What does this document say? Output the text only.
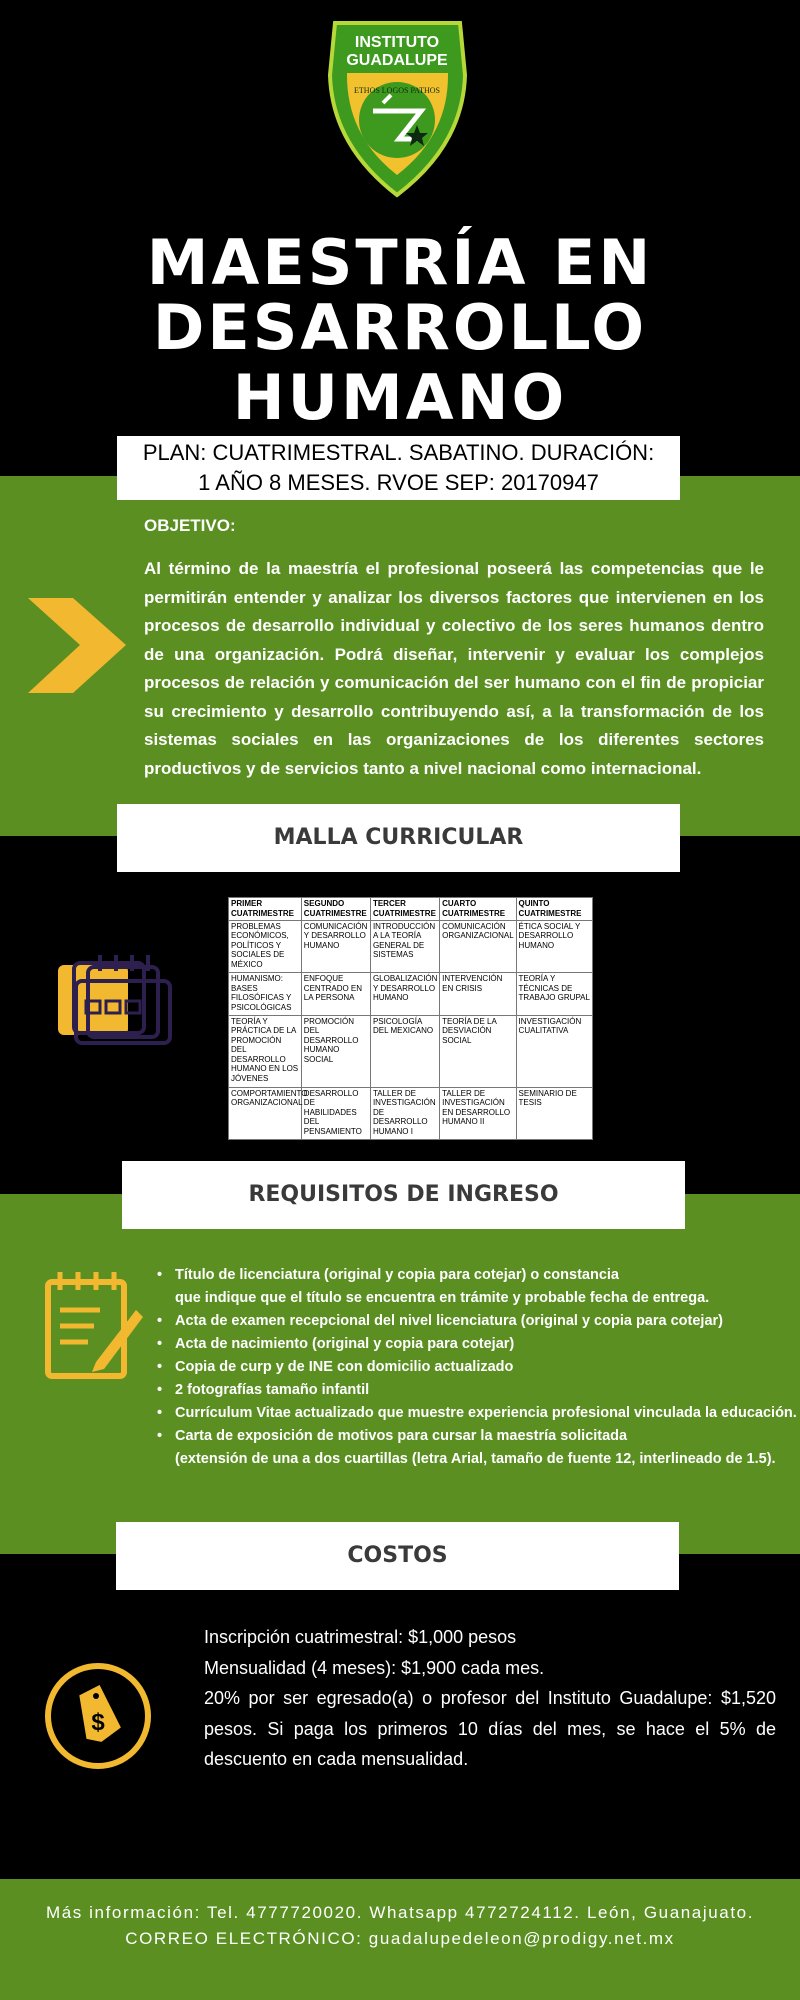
INSTITUTO
GUADALUPE
ETHOS LOGOS PATHOS
MAESTRÍA EN
DESARROLLO HUMANO
PLAN: CUATRIMESTRAL. SABATINO. DURACIÓN:
1 AÑO 8 MESES. RVOE SEP: 20170947
OBJETIVO:
Al término de la maestría el profesional poseerá las competencias que le permitirán entender y analizar los diversos factores que intervienen en los procesos de desarrollo individual y colectivo de los seres humanos dentro de una organización. Podrá diseñar, intervenir y evaluar los complejos procesos de relación y comunicación del ser humano con el fin de propiciar su crecimiento y desarrollo contribuyendo así, a la transformación de los sistemas sociales en las organizaciones de los diferentes sectores productivos y de servicios tanto a nivel nacional como internacional.
MALLA CURRICULAR
PRIMER CUATRIMESTRE	SEGUNDO CUATRIMESTRE	TERCER CUATRIMESTRE	CUARTO CUATRIMESTRE	QUINTO CUATRIMESTRE
PROBLEMAS ECONÓMICOS, POLÍTICOS Y SOCIALES DE MÉXICO	COMUNICACIÓN Y DESARROLLO HUMANO	INTRODUCCIÓN A LA TEORÍA GENERAL DE SISTEMAS	COMUNICACIÓN ORGANIZACIONAL	ÉTICA SOCIAL Y DESARROLLO HUMANO
HUMANISMO: BASES FILOSÓFICAS Y PSICOLÓGICAS	ENFOQUE CENTRADO EN LA PERSONA	GLOBALIZACIÓN Y DESARROLLO HUMANO	INTERVENCIÓN EN CRISIS	TEORÍA Y TÉCNICAS DE TRABAJO GRUPAL
TEORÍA Y PRÁCTICA DE LA PROMOCIÓN DEL DESARROLLO HUMANO EN LOS JÓVENES	PROMOCIÓN DEL DESARROLLO HUMANO SOCIAL	PSICOLOGÍA DEL MEXICANO	TEORÍA DE LA DESVIACIÓN SOCIAL	INVESTIGACIÓN CUALITATIVA
COMPORTAMIENTO ORGANIZACIONAL	DESARROLLO DE HABILIDADES DEL PENSAMIENTO	TALLER DE INVESTIGACIÓN DE DESARROLLO HUMANO I	TALLER DE INVESTIGACIÓN EN DESARROLLO HUMANO II	SEMINARIO DE TESIS
REQUISITOS DE INGRESO
• Título de licenciatura (original y copia para cotejar) o constancia
que indique que el título se encuentra en trámite y probable fecha de entrega.
• Acta de examen recepcional del nivel licenciatura (original y copia para cotejar)
• Acta de nacimiento (original y copia para cotejar)
• Copia de curp y de INE con domicilio actualizado
• 2 fotografías tamaño infantil
• Currículum Vitae actualizado que muestre experiencia profesional vinculada la educación.
• Carta de exposición de motivos para cursar la maestría solicitada
(extensión de una a dos cuartillas (letra Arial, tamaño de fuente 12, interlineado de 1.5).
COSTOS
$
Inscripción cuatrimestral: $1,000 pesos
Mensualidad (4 meses): $1,900 cada mes.
20% por ser egresado(a) o profesor del Instituto Guadalupe: $1,520 pesos. Si paga los primeros 10 días del mes, se hace el 5% de descuento en cada mensualidad.
Más información: Tel. 4777720020. Whatsapp 4772724112. León, Guanajuato.
CORREO ELECTRÓNICO: guadalupedeleon@prodigy.net.mx
